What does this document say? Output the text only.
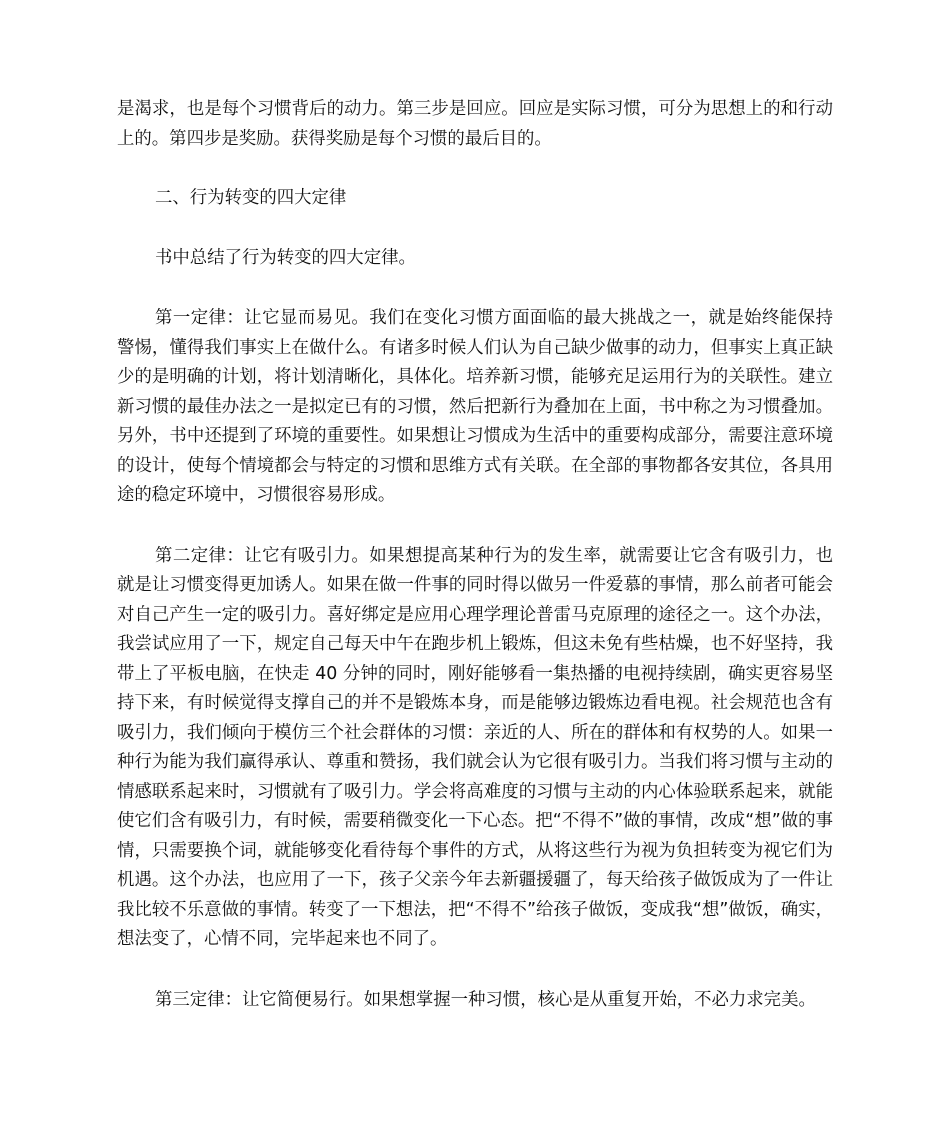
是渴求，也是每个习惯背后的动力。第三步是回应。回应是实际习惯，可分为思想上的和行动上的。第四步是奖励。获得奖励是每个习惯的最后目的。

二、行为转变的四大定律

书中总结了行为转变的四大定律。

第一定律：让它显而易见。我们在变化习惯方面面临的最大挑战之一，就是始终能保持警惕，懂得我们事实上在做什么。有诸多时候人们认为自己缺少做事的动力，但事实上真正缺少的是明确的计划，将计划清晰化，具体化。培养新习惯，能够充足运用行为的关联性。建立新习惯的最佳办法之一是拟定已有的习惯，然后把新行为叠加在上面，书中称之为习惯叠加。另外，书中还提到了环境的重要性。如果想让习惯成为生活中的重要构成部分，需要注意环境的设计，使每个情境都会与特定的习惯和思维方式有关联。在全部的事物都各安其位，各具用途的稳定环境中，习惯很容易形成。

第二定律：让它有吸引力。如果想提高某种行为的发生率，就需要让它含有吸引力，也就是让习惯变得更加诱人。如果在做一件事的同时得以做另一件爱慕的事情，那么前者可能会对自己产生一定的吸引力。喜好绑定是应用心理学理论普雷马克原理的途径之一。这个办法，我尝试应用了一下，规定自己每天中午在跑步机上锻炼，但这未免有些枯燥，也不好坚持，我带上了平板电脑，在快走 40 分钟的同时，刚好能够看一集热播的电视持续剧，确实更容易坚持下来，有时候觉得支撑自己的并不是锻炼本身，而是能够边锻炼边看电视。社会规范也含有吸引力，我们倾向于模仿三个社会群体的习惯：亲近的人、所在的群体和有权势的人。如果一种行为能为我们赢得承认、尊重和赞扬，我们就会认为它很有吸引力。当我们将习惯与主动的情感联系起来时，习惯就有了吸引力。学会将高难度的习惯与主动的内心体验联系起来，就能使它们含有吸引力，有时候，需要稍微变化一下心态。把“不得不”做的事情，改成“想”做的事情，只需要换个词，就能够变化看待每个事件的方式，从将这些行为视为负担转变为视它们为机遇。这个办法，也应用了一下，孩子父亲今年去新疆援疆了，每天给孩子做饭成为了一件让我比较不乐意做的事情。转变了一下想法，把“不得不”给孩子做饭，变成我“想”做饭，确实，想法变了，心情不同，完毕起来也不同了。

第三定律：让它简便易行。如果想掌握一种习惯，核心是从重复开始，不必力求完美。
